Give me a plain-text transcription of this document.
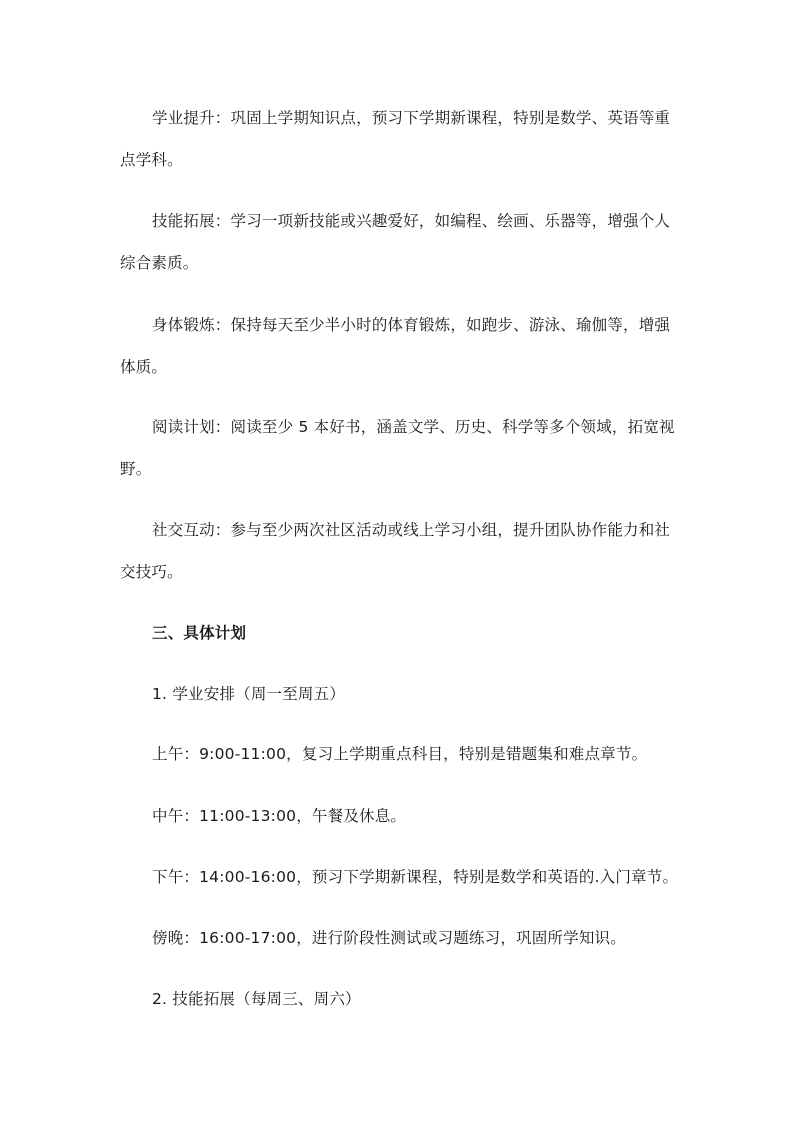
学业提升：巩固上学期知识点，预习下学期新课程，特别是数学、英语等重点学科。

技能拓展：学习一项新技能或兴趣爱好，如编程、绘画、乐器等，增强个人综合素质。

身体锻炼：保持每天至少半小时的体育锻炼，如跑步、游泳、瑜伽等，增强体质。

阅读计划：阅读至少 5 本好书，涵盖文学、历史、科学等多个领域，拓宽视野。

社交互动：参与至少两次社区活动或线上学习小组，提升团队协作能力和社交技巧。

三、具体计划

1. 学业安排（周一至周五）

上午：9:00-11:00，复习上学期重点科目，特别是错题集和难点章节。

中午：11:00-13:00，午餐及休息。

下午：14:00-16:00，预习下学期新课程，特别是数学和英语的.入门章节。

傍晚：16:00-17:00，进行阶段性测试或习题练习，巩固所学知识。

2. 技能拓展（每周三、周六）
